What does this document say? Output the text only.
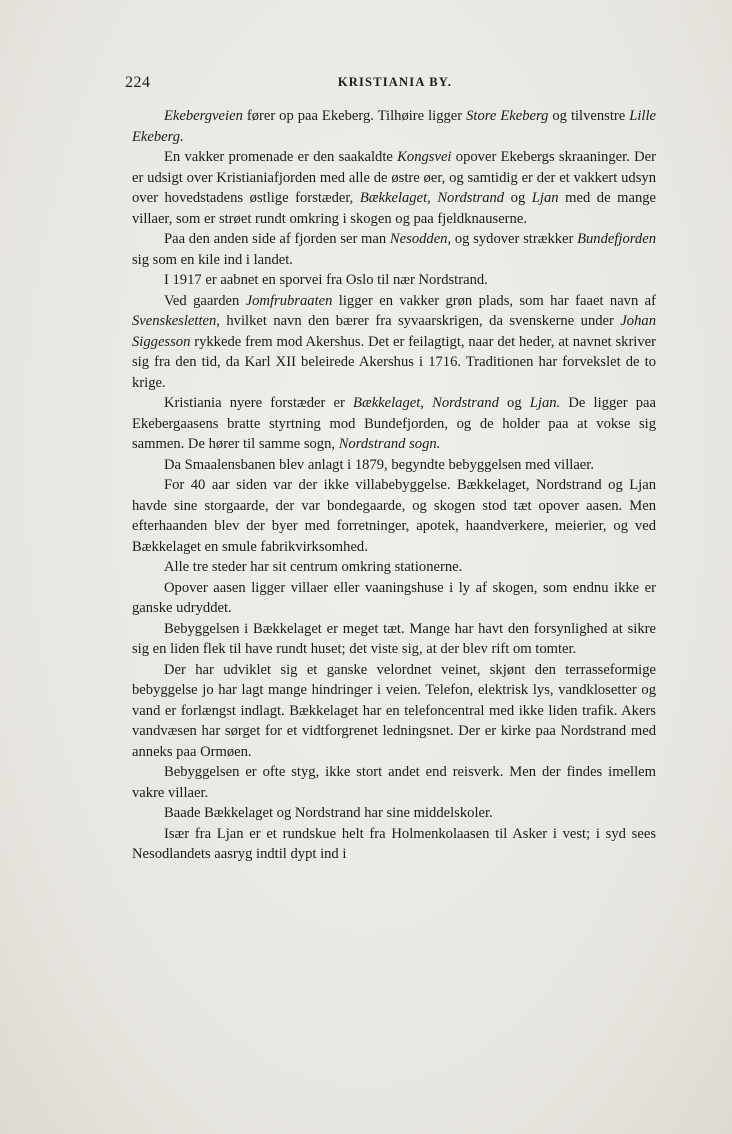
224	KRISTIANIA BY.

Ekebergveien fører op paa Ekeberg. Tilhøire ligger Store Ekeberg og tilvenstre Lille Ekeberg.

En vakker promenade er den saakaldte Kongsvei opover Ekebergs skraaninger. Der er udsigt over Kristianiafjorden med alle de østre øer, og samtidig er der et vakkert udsyn over hovedstadens østlige forstæder, Bækkelaget, Nordstrand og Ljan med de mange villaer, som er strøet rundt omkring i skogen og paa fjeldknauserne.

Paa den anden side af fjorden ser man Nesodden, og sydover strækker Bundefjorden sig som en kile ind i landet.

I 1917 er aabnet en sporvei fra Oslo til nær Nordstrand.

Ved gaarden Jomfrubraaten ligger en vakker grøn plads, som har faaet navn af Svenskesletten, hvilket navn den bærer fra syvaarskrigen, da svenskerne under Johan Siggesson rykkede frem mod Akershus. Det er feilagtigt, naar det heder, at navnet skriver sig fra den tid, da Karl XII beleirede Akershus i 1716. Traditionen har forvekslet de to krige.

Kristiania nyere forstæder er Bækkelaget, Nordstrand og Ljan. De ligger paa Ekebergaasens bratte styrtning mod Bundefjorden, og de holder paa at vokse sig sammen. De hører til samme sogn, Nordstrand sogn.

Da Smaalensbanen blev anlagt i 1879, begyndte bebyggelsen med villaer.

For 40 aar siden var der ikke villabebyggelse. Bækkelaget, Nordstrand og Ljan havde sine storgaarde, der var bondegaarde, og skogen stod tæt opover aasen. Men efterhaanden blev der byer med forretninger, apotek, haandverkere, meierier, og ved Bækkelaget en smule fabrikvirksomhed.

Alle tre steder har sit centrum omkring stationerne.

Opover aasen ligger villaer eller vaaningshuse i ly af skogen, som endnu ikke er ganske udryddet.

Bebyggelsen i Bækkelaget er meget tæt. Mange har havt den forsynlighed at sikre sig en liden flek til have rundt huset; det viste sig, at der blev rift om tomter.

Der har udviklet sig et ganske velordnet veinet, skjønt den terrasseformige bebyggelse jo har lagt mange hindringer i veien. Telefon, elektrisk lys, vandklosetter og vand er forlængst indlagt. Bækkelaget har en telefoncentral med ikke liden trafik. Akers vandvæsen har sørget for et vidtforgrenet ledningsnet. Der er kirke paa Nordstrand med anneks paa Ormøen.

Bebyggelsen er ofte styg, ikke stort andet end reisverk. Men der findes imellem vakre villaer.

Baade Bækkelaget og Nordstrand har sine middelskoler.

Især fra Ljan er et rundskue helt fra Holmenkolaasen til Asker i vest; i syd sees Nesodlandets aasryg indtil dypt ind i
